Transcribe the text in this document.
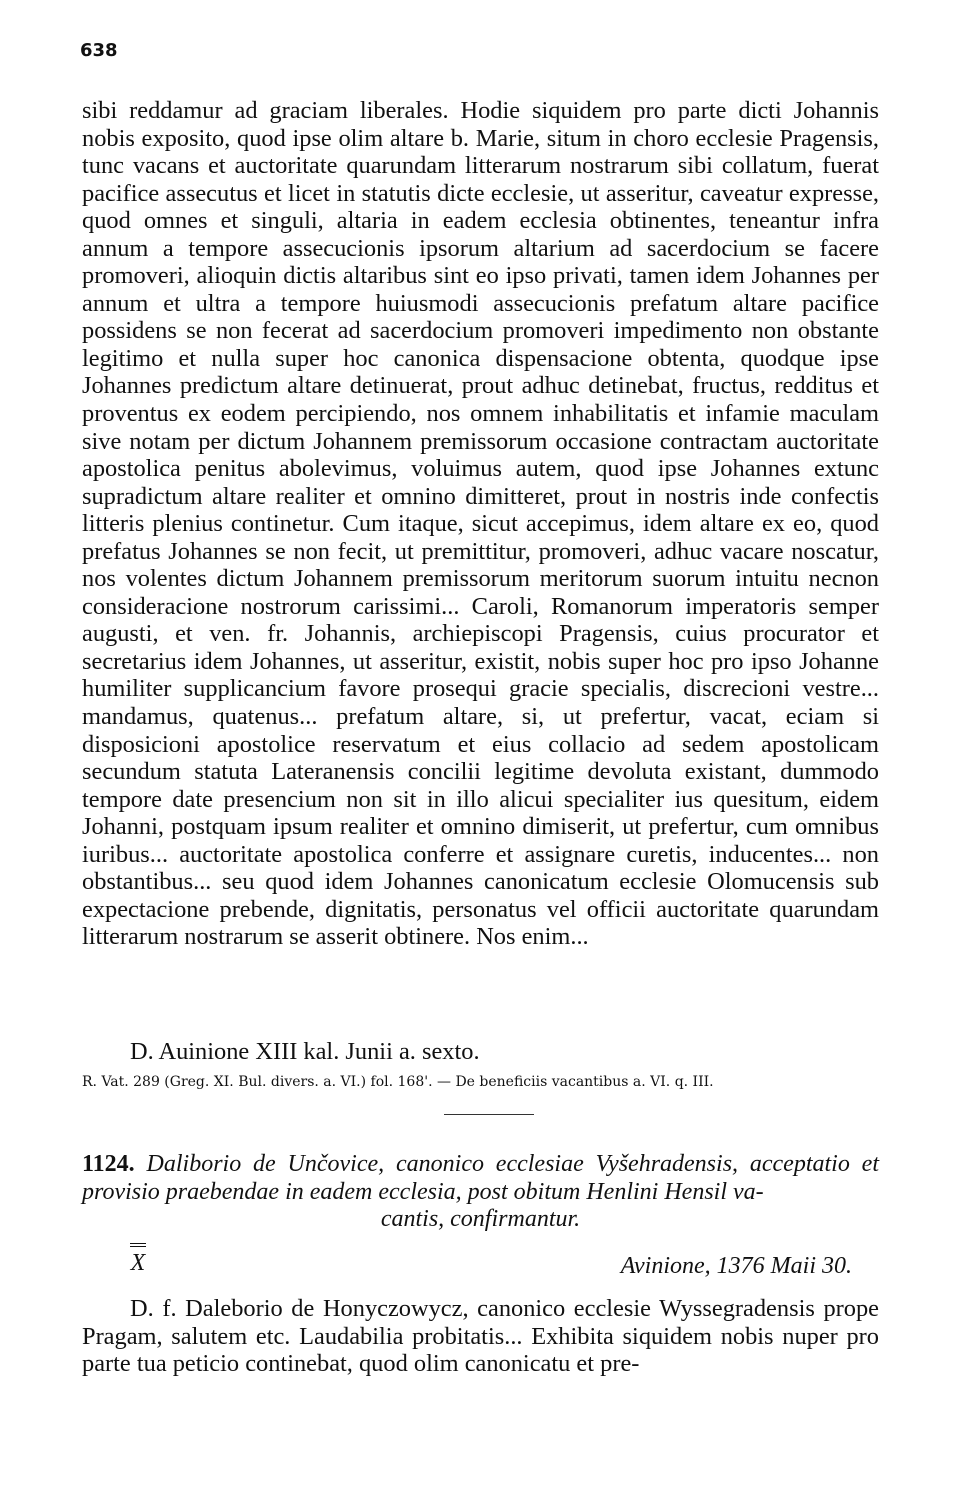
638

sibi reddamur ad graciam liberales. Hodie siquidem pro parte dicti Johannis nobis exposito, quod ipse olim altare b. Marie, situm in choro ecclesie Pragensis, tunc vacans et auctoritate quarundam litterarum nostrarum sibi collatum, fuerat pacifice assecutus et licet in statutis dicte ecclesie, ut asseritur, caveatur expresse, quod omnes et singuli, altaria in eadem ecclesia obtinentes, teneantur infra annum a tempore assecucionis ipsorum altarium ad sacerdocium se facere promoveri, alioquin dictis altaribus sint eo ipso privati, tamen idem Johannes per annum et ultra a tempore huiusmodi assecucionis prefatum altare pacifice possidens se non fecerat ad sacerdocium promoveri impedimento non obstante legitimo et nulla super hoc canonica dispensacione obtenta, quodque ipse Johannes predictum altare detinuerat, prout adhuc detinebat, fructus, redditus et proventus ex eodem percipiendo, nos omnem inhabilitatis et infamie maculam sive notam per dictum Johannem premissorum occasione contractam auctoritate apostolica penitus abolevimus, voluimus autem, quod ipse Johannes extunc supradictum altare realiter et omnino dimitteret, prout in nostris inde confectis litteris plenius continetur. Cum itaque, sicut accepimus, idem altare ex eo, quod prefatus Johannes se non fecit, ut premittitur, promoveri, adhuc vacare noscatur, nos volentes dictum Johannem premissorum meritorum suorum intuitu necnon consideracione nostrorum carissimi... Caroli, Romanorum imperatoris semper augusti, et ven. fr. Johannis, archiepiscopi Pragensis, cuius procurator et secretarius idem Johannes, ut asseritur, existit, nobis super hoc pro ipso Johanne humiliter supplicancium favore prosequi gracie specialis, discrecioni vestre... mandamus, quatenus... prefatum altare, si, ut prefertur, vacat, eciam si disposicioni apostolice reservatum et eius collacio ad sedem apostolicam secundum statuta Lateranensis concilii legitime devoluta existant, dummodo tempore date presencium non sit in illo alicui specialiter ius quesitum, eidem Johanni, postquam ipsum realiter et omnino dimiserit, ut prefertur, cum omnibus iuribus... auctoritate apostolica conferre et assignare curetis, inducentes... non obstantibus... seu quod idem Johannes canonicatum ecclesie Olomucensis sub expectacione prebende, dignitatis, personatus vel officii auctoritate quarundam litterarum nostrarum se asserit obtinere. Nos enim...

D. Auinione XIII kal. Junii a. sexto.
R. Vat. 289 (Greg. XI. Bul. divers. a. VI.) fol. 168'. — De beneficiis vacantibus a. VI. q. III.
1124. Daliborio de Unčovice, canonico ecclesiae Vyšehradensis, acceptatio et provisio praebendae in eadem ecclesia, post obitum Henlini Hensil va-
cantis, confirmantur.
X	Avinione, 1376 Maii 30.

D. f. Daleborio de Honyczowycz, canonico ecclesie Wyssegradensis prope Pragam, salutem etc. Laudabilia probitatis... Exhibita siquidem nobis nuper pro parte tua peticio continebat, quod olim canonicatu et pre-
